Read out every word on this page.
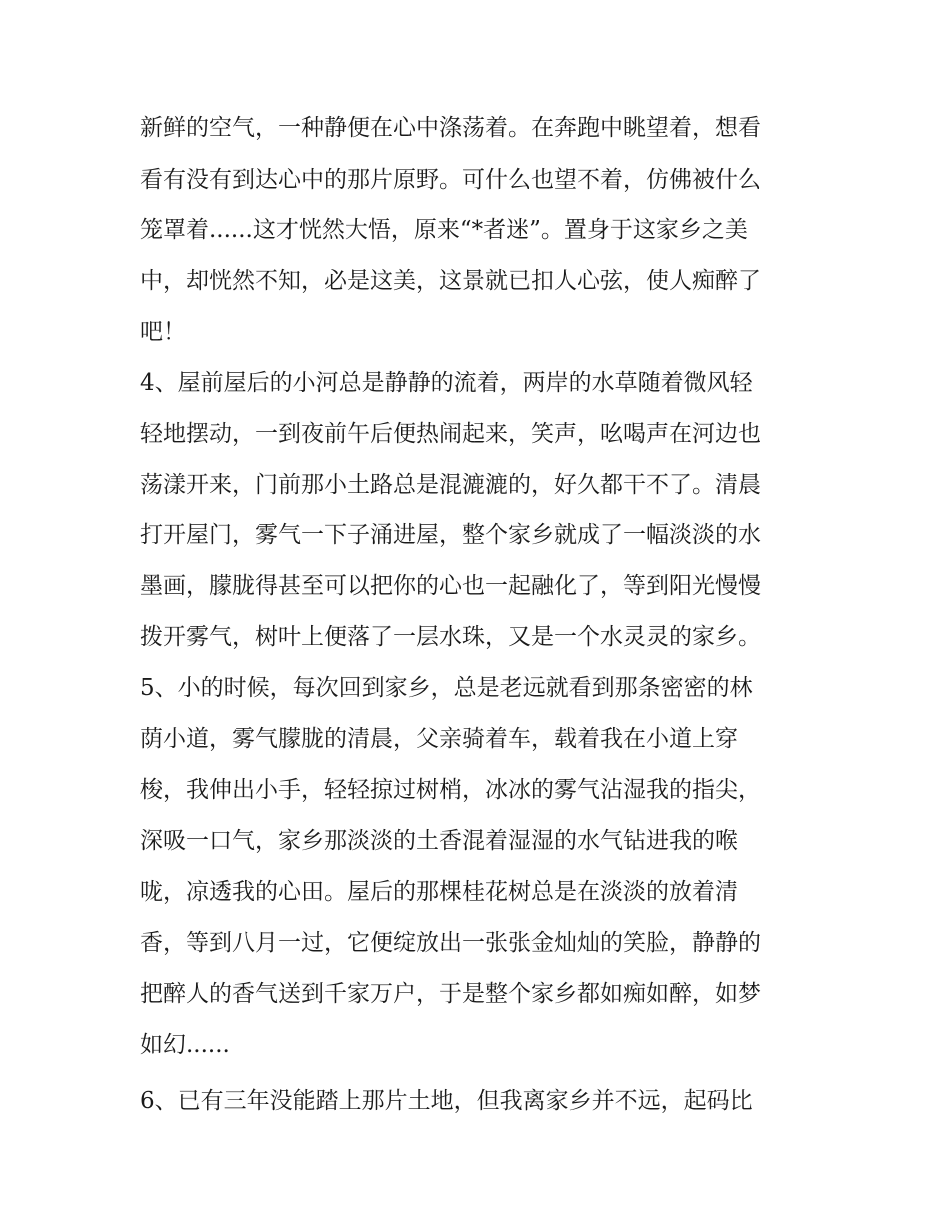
新鲜的空气，一种静便在心中涤荡着。在奔跑中眺望着，想看
看有没有到达心中的那片原野。可什么也望不着，仿佛被什么
笼罩着......这才恍然大悟，原来“*者迷”。置身于这家乡之美
中，却恍然不知，必是这美，这景就已扣人心弦，使人痴醉了
吧！
4、屋前屋后的小河总是静静的流着，两岸的水草随着微风轻
轻地摆动，一到夜前午后便热闹起来，笑声，吆喝声在河边也
荡漾开来，门前那小土路总是混漉漉的，好久都干不了。清晨
打开屋门，雾气一下子涌进屋，整个家乡就成了一幅淡淡的水
墨画，朦胧得甚至可以把你的心也一起融化了，等到阳光慢慢
拨开雾气，树叶上便落了一层水珠，又是一个水灵灵的家乡。
5、小的时候，每次回到家乡，总是老远就看到那条密密的林
荫小道，雾气朦胧的清晨，父亲骑着车，载着我在小道上穿
梭，我伸出小手，轻轻掠过树梢，冰冰的雾气沾湿我的指尖，
深吸一口气，家乡那淡淡的土香混着湿湿的水气钻进我的喉
咙，凉透我的心田。屋后的那棵桂花树总是在淡淡的放着清
香，等到八月一过，它便绽放出一张张金灿灿的笑脸，静静的
把醉人的香气送到千家万户，于是整个家乡都如痴如醉，如梦
如幻......
6、已有三年没能踏上那片土地，但我离家乡并不远，起码比
